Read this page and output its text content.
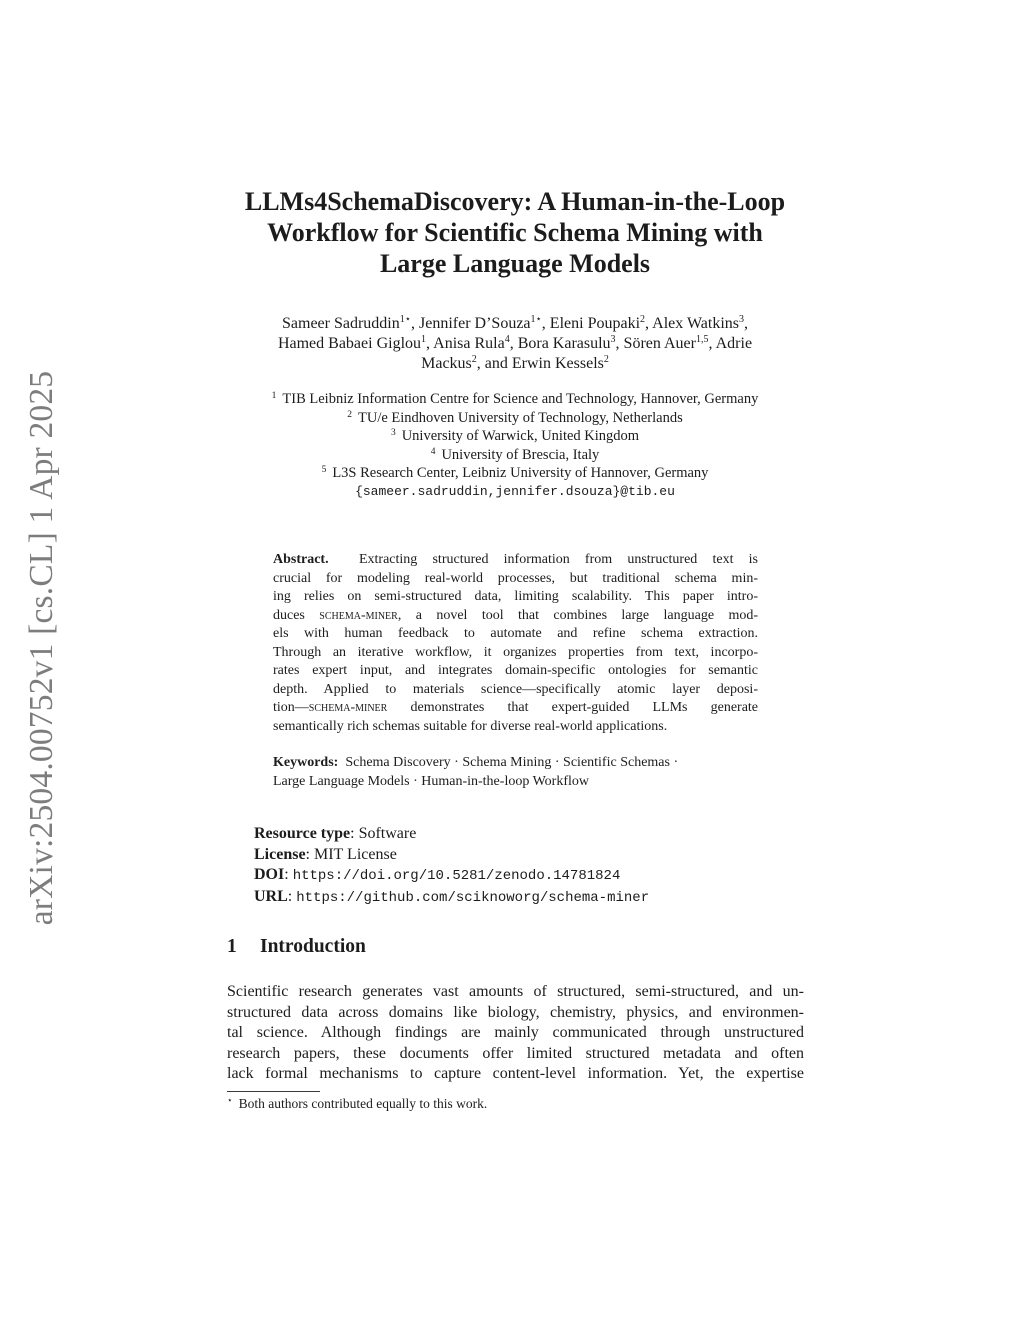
arXiv:2504.00752v1 [cs.CL] 1 Apr 2025
LLMs4SchemaDiscovery: A Human-in-the-Loop
Workflow for Scientific Schema Mining with
Large Language Models
Sameer Sadruddin$^{1⋆}$, Jennifer D’Souza$^{1⋆}$, Eleni Poupaki$^2$, Alex Watkins$^3$,
Hamed Babaei Giglou$^1$, Anisa Rula$^4$, Bora Karasulu$^3$, Sören Auer$^{1,5}$, Adrie
Mackus$^2$, and Erwin Kessels$^2$
$^1$ TIB Leibniz Information Centre for Science and Technology, Hannover, Germany
$^2$ TU/e Eindhoven University of Technology, Netherlands
$^3$ University of Warwick, United Kingdom
$^4$ University of Brescia, Italy
$^5$ L3S Research Center, Leibniz University of Hannover, Germany
{sameer.sadruddin,jennifer.dsouza}@tib.eu
Abstract. Extracting structured information from unstructured text is
crucial for modeling real-world processes, but traditional schema min-
ing relies on semi-structured data, limiting scalability. This paper intro-
duces schema-miner, a novel tool that combines large language mod-
els with human feedback to automate and refine schema extraction.
Through an iterative workflow, it organizes properties from text, incorpo-
rates expert input, and integrates domain-specific ontologies for semantic
depth. Applied to materials science—specifically atomic layer deposi-
tion—schema-miner demonstrates that expert-guided LLMs generate
semantically rich schemas suitable for diverse real-world applications.
Keywords: Schema Discovery · Schema Mining · Scientific Schemas ·
Large Language Models · Human-in-the-loop Workflow
Resource type: Software
License: MIT License
DOI: https://doi.org/10.5281/zenodo.14781824
URL: https://github.com/sciknoworg/schema-miner
1 Introduction
Scientific research generates vast amounts of structured, semi-structured, and un-
structured data across domains like biology, chemistry, physics, and environmen-
tal science. Although findings are mainly communicated through unstructured
research papers, these documents offer limited structured metadata and often
lack formal mechanisms to capture content-level information. Yet, the expertise
⋆ Both authors contributed equally to this work.
